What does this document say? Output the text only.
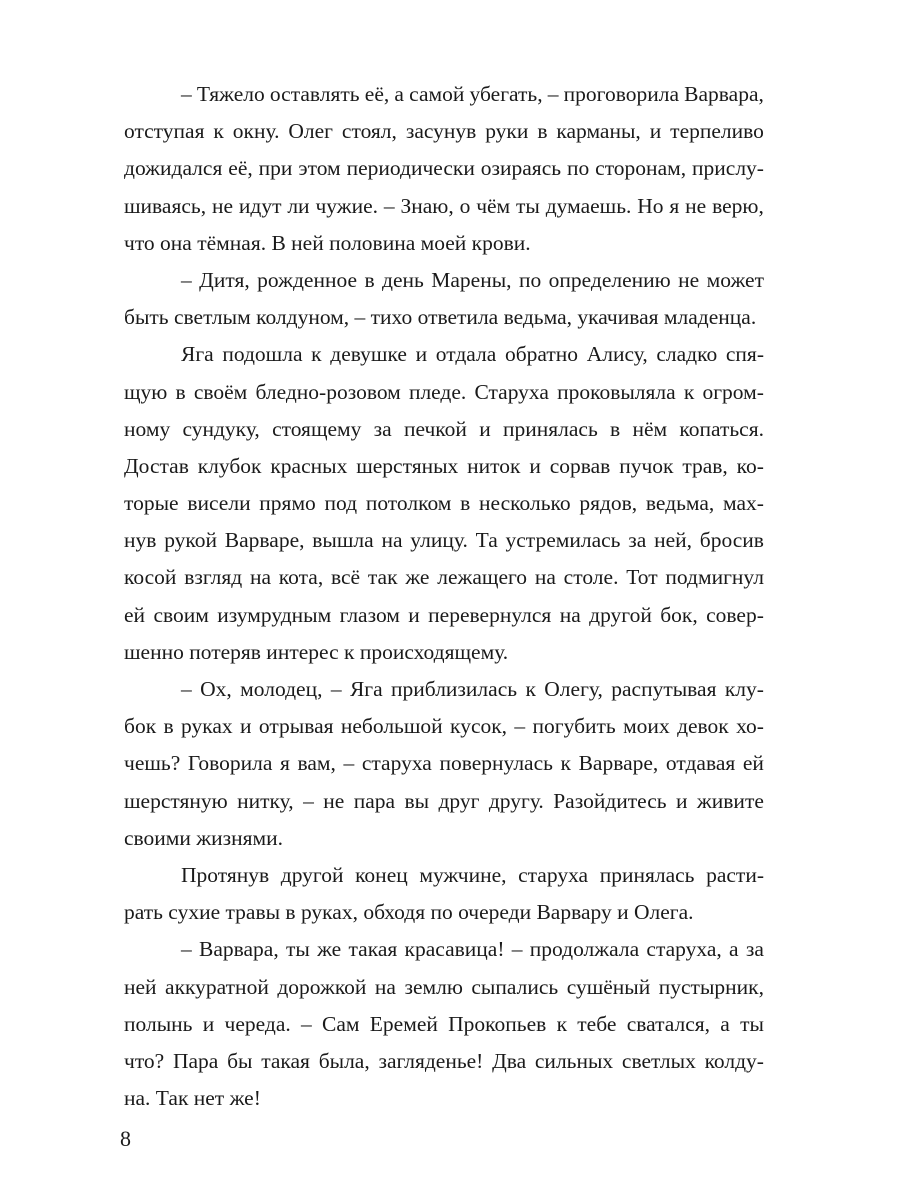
– Тяжело оставлять её, а самой убегать, – проговорила Варвара,
отступая к окну. Олег стоял, засунув руки в карманы, и терпеливо
дожидался её, при этом периодически озираясь по сторонам, прислу-
шиваясь, не идут ли чужие. – Знаю, о чём ты думаешь. Но я не верю,
что она тёмная. В ней половина моей крови.
– Дитя, рожденное в день Марены, по определению не может
быть светлым колдуном, – тихо ответила ведьма, укачивая младенца.
Яга подошла к девушке и отдала обратно Алису, сладко спя-
щую в своём бледно-розовом пледе. Старуха проковыляла к огром-
ному сундуку, стоящему за печкой и принялась в нём копаться.
Достав клубок красных шерстяных ниток и сорвав пучок трав, ко-
торые висели прямо под потолком в несколько рядов, ведьма, мах-
нув рукой Варваре, вышла на улицу. Та устремилась за ней, бросив
косой взгляд на кота, всё так же лежащего на столе. Тот подмигнул
ей своим изумрудным глазом и перевернулся на другой бок, совер-
шенно потеряв интерес к происходящему.
– Ох, молодец, – Яга приблизилась к Олегу, распутывая клу-
бок в руках и отрывая небольшой кусок, – погубить моих девок хо-
чешь? Говорила я вам, – старуха повернулась к Варваре, отдавая ей
шерстяную нитку, – не пара вы друг другу. Разойдитесь и живите
своими жизнями.
Протянув другой конец мужчине, старуха принялась расти-
рать сухие травы в руках, обходя по очереди Варвару и Олега.
– Варвара, ты же такая красавица! – продолжала старуха, а за
ней аккуратной дорожкой на землю сыпались сушёный пустырник,
полынь и череда. – Сам Еремей Прокопьев к тебе сватался, а ты
что? Пара бы такая была, загляденье! Два сильных светлых колду-
на. Так нет же!
8
